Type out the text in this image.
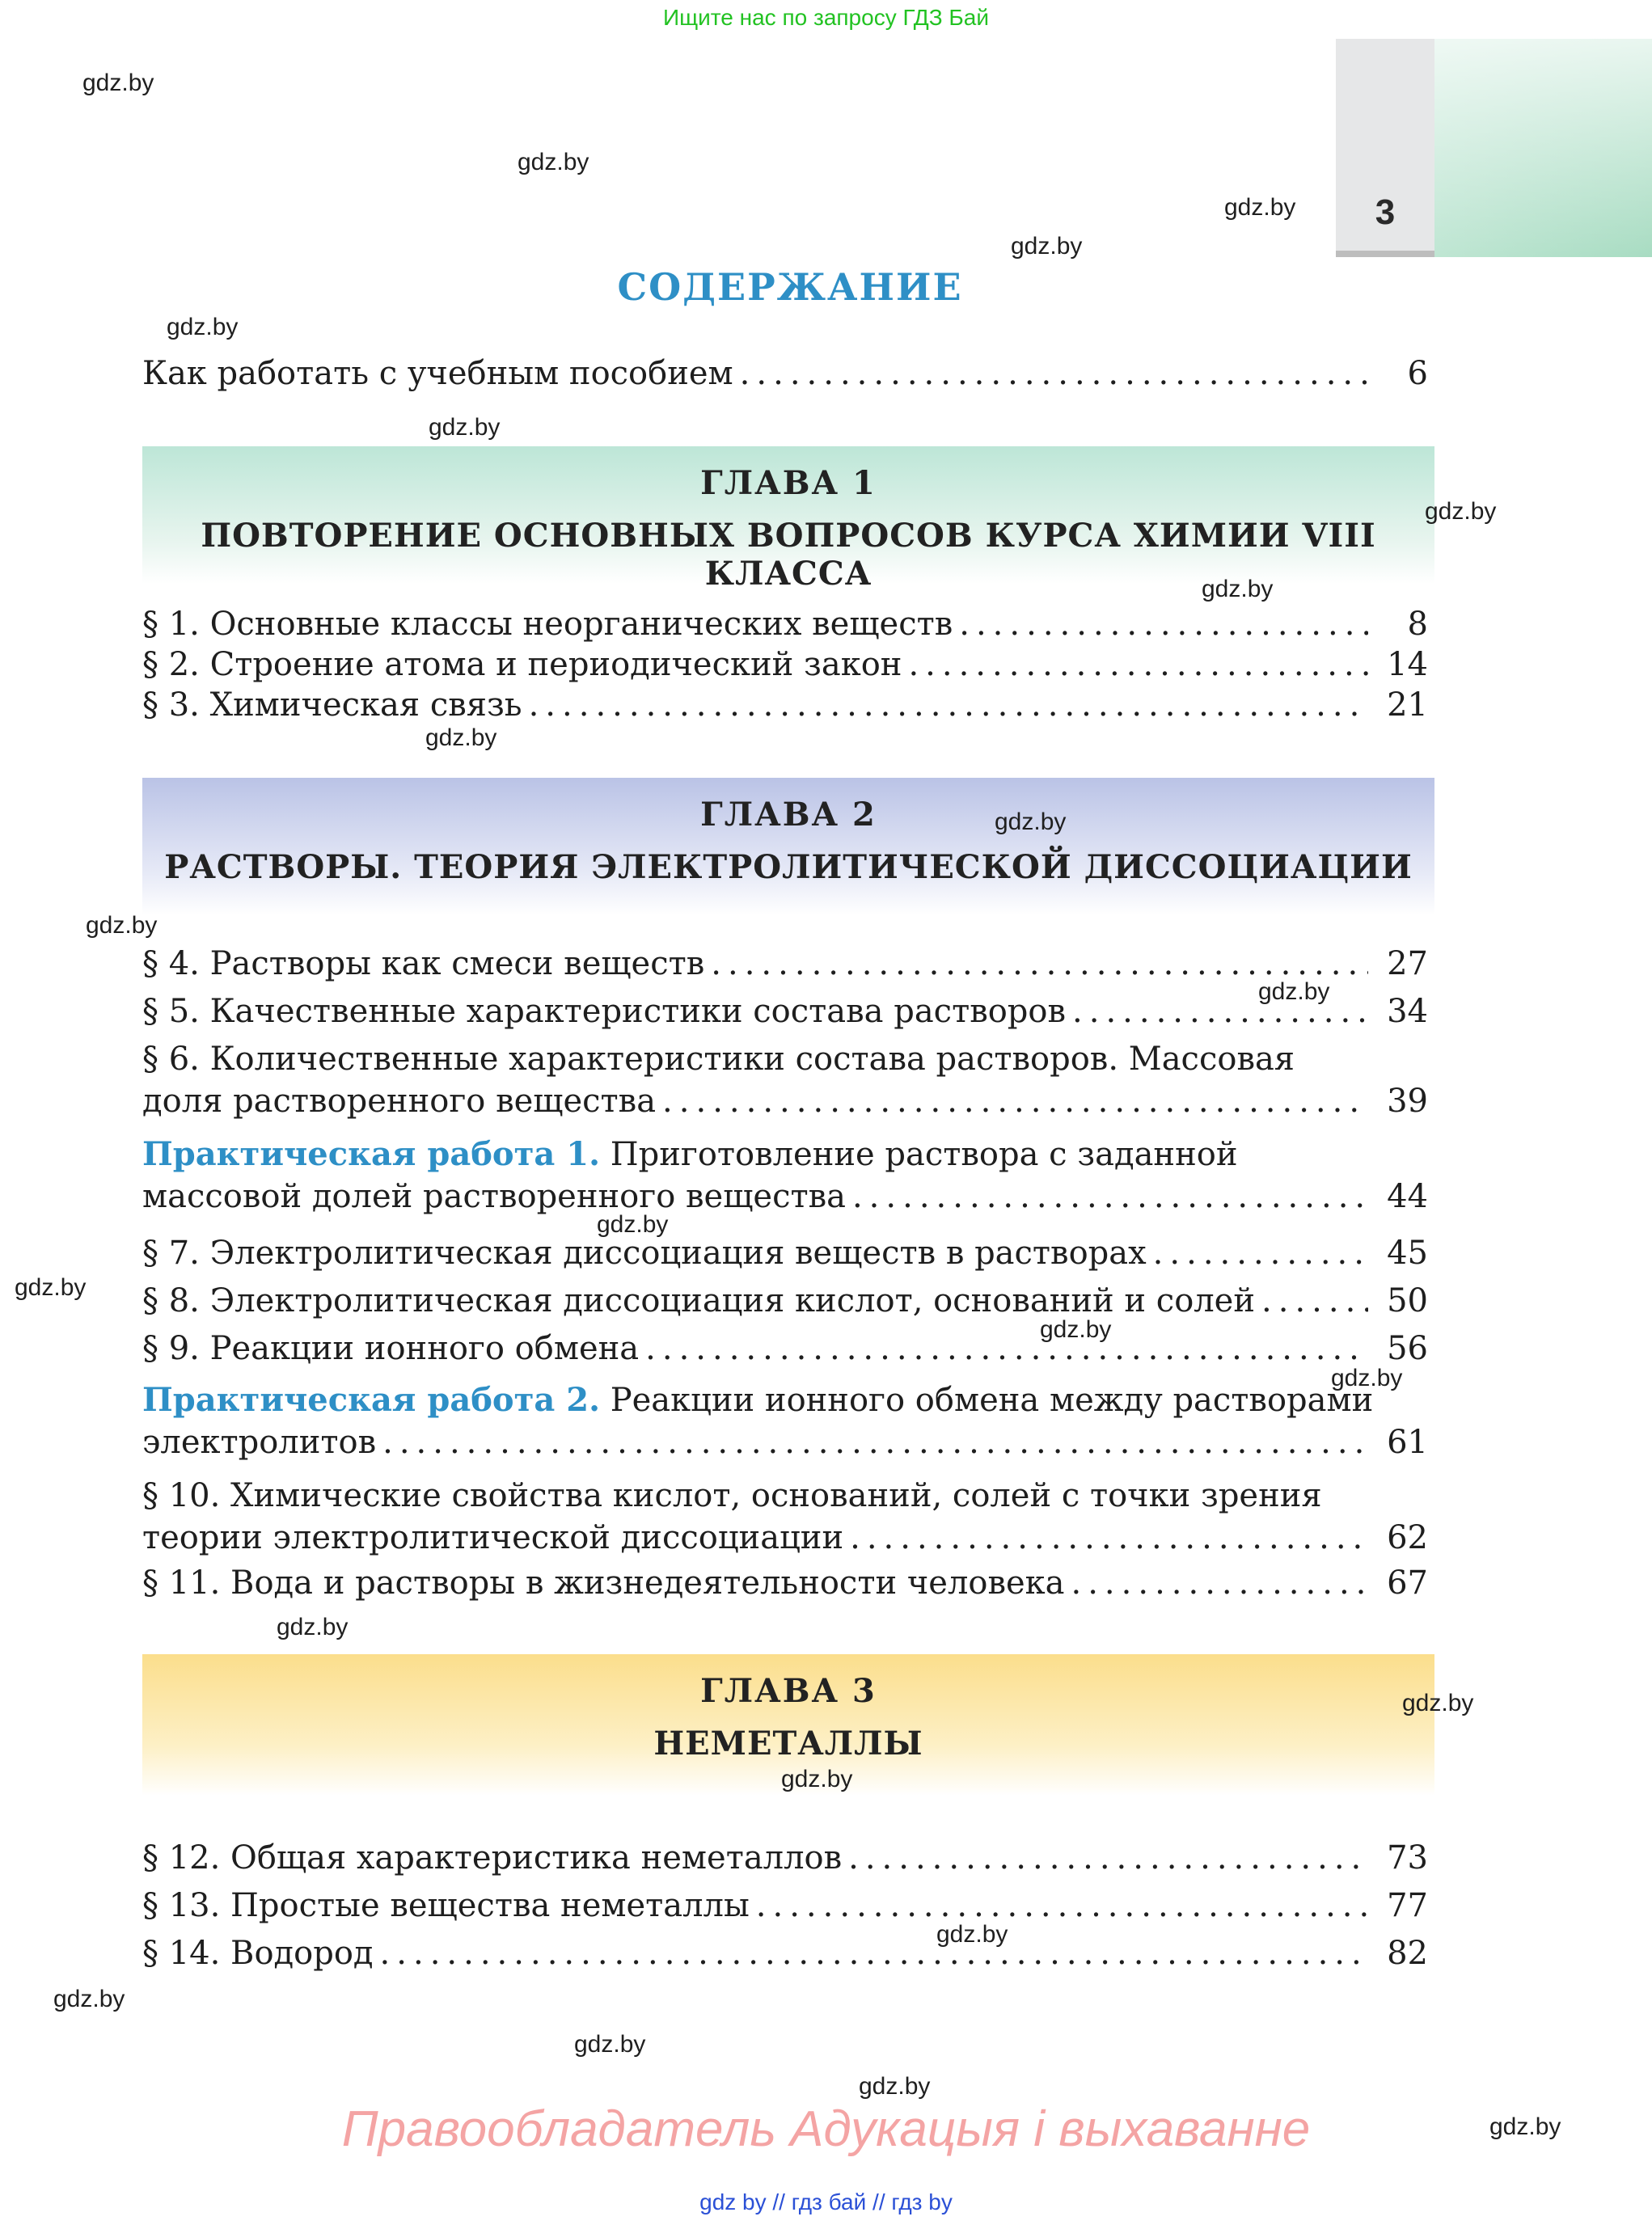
Ищите нас по запросу ГДЗ Бай
3
СОДЕРЖАНИЕ
Как работать с учебным пособием .....	6
ГЛАВА 1
ПОВТОРЕНИЕ ОСНОВНЫХ ВОПРОСОВ КУРСА ХИМИИ VIII КЛАССА
§ 1. Основные классы неорганических веществ .....	8
§ 2. Строение атома и периодический закон .....	14
§ 3. Химическая связь .....	21
ГЛАВА 2
РАСТВОРЫ. ТЕОРИЯ ЭЛЕКТРОЛИТИЧЕСКОЙ ДИССОЦИАЦИИ
§ 4. Растворы как смеси веществ .....	27
§ 5. Качественные характеристики состава растворов .....	34
§ 6. Количественные характеристики состава растворов. Массовая
доля растворенного вещества .....	39
Практическая работа 1. Приготовление раствора с заданной
массовой долей растворенного вещества .....	44
§ 7. Электролитическая диссоциация веществ в растворах .....	45
§ 8. Электролитическая диссоциация кислот, оснований и солей .....	50
§ 9. Реакции ионного обмена .....	56
Практическая работа 2. Реакции ионного обмена между растворами
электролитов .....	61
§ 10. Химические свойства кислот, оснований, солей с точки зрения
теории электролитической диссоциации .....	62
§ 11. Вода и растворы в жизнедеятельности человека .....	67
ГЛАВА 3
НЕМЕТАЛЛЫ
§ 12. Общая характеристика неметаллов .....	73
§ 13. Простые вещества неметаллы .....	77
§ 14. Водород .....	82
gdz.by
gdz.by
gdz.by
gdz.by
gdz.by
gdz.by
gdz.by
gdz.by
gdz.by
gdz.by
gdz.by
gdz.by
gdz.by
gdz.by
gdz.by
gdz.by
gdz.by
gdz.by
gdz.by
gdz.by
gdz.by
gdz.by
gdz.by
gdz.by
Правообладатель Адукацыя і выхаванне
gdz by // гдз бай // гдз by
